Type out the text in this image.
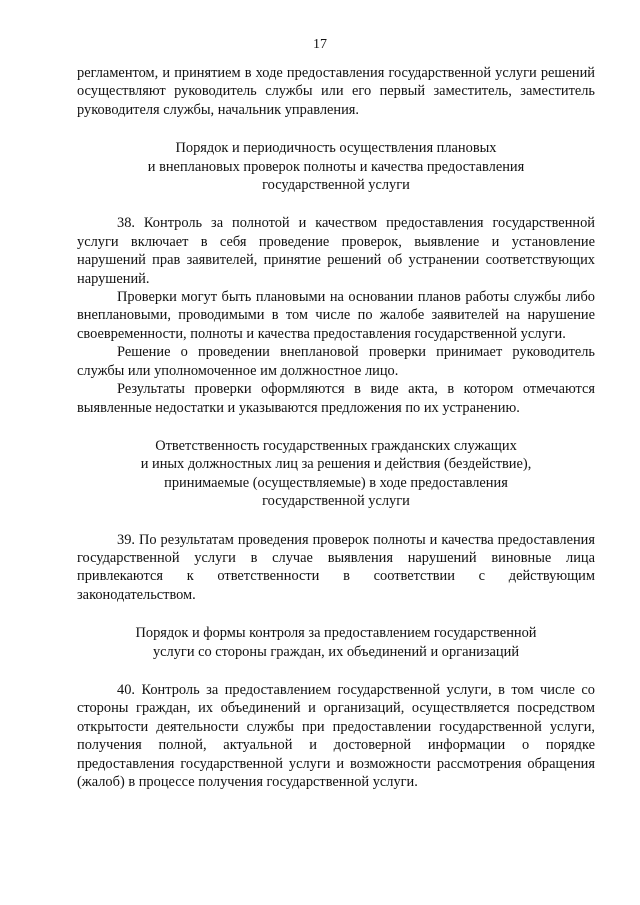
17

регламентом, и принятием в ходе предоставления государственной услуги решений осуществляют руководитель службы или его первый заместитель, заместитель руководителя службы, начальник управления.

Порядок и периодичность осуществления плановых
и внеплановых проверок полноты и качества предоставления
государственной услуги

38. Контроль за полнотой и качеством предоставления государственной услуги включает в себя проведение проверок, выявление и установление нарушений прав заявителей, принятие решений об устранении соответствующих нарушений.

Проверки могут быть плановыми на основании планов работы службы либо внеплановыми, проводимыми в том числе по жалобе заявителей на нарушение своевременности, полноты и качества предоставления государственной услуги.

Решение о проведении внеплановой проверки принимает руководитель службы или уполномоченное им должностное лицо.

Результаты проверки оформляются в виде акта, в котором отмечаются выявленные недостатки и указываются предложения по их устранению.

Ответственность государственных гражданских служащих
и иных должностных лиц за решения и действия (бездействие),
принимаемые (осуществляемые) в ходе предоставления
государственной услуги

39. По результатам проведения проверок полноты и качества предоставления государственной услуги в случае выявления нарушений виновные лица привлекаются к ответственности в соответствии с действующим законодательством.

Порядок и формы контроля за предоставлением государственной
услуги со стороны граждан, их объединений и организаций

40. Контроль за предоставлением государственной услуги, в том числе со стороны граждан, их объединений и организаций, осуществляется посредством открытости деятельности службы при предоставлении государственной услуги, получения полной, актуальной и достоверной информации о порядке предоставления государственной услуги и возможности рассмотрения обращения (жалоб) в процессе получения государственной услуги.
